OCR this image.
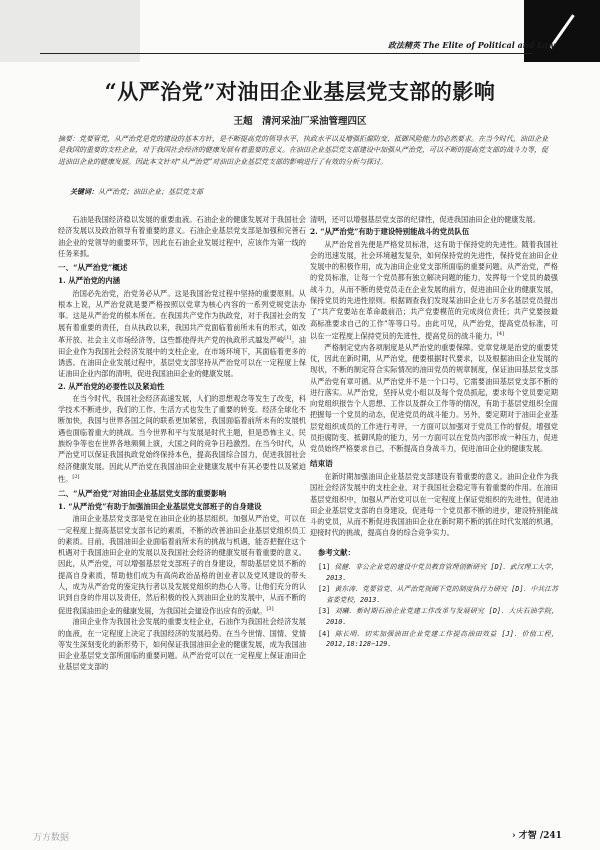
政法精英 The Elite of Political and Law
“从严治党”对油田企业基层党支部的影响
王超　清河采油厂采油管理四区
摘要：党要管党，从严治党是党的建设的基本方针，是不断提高党的领导水平、执政水平以及增强拒腐防变、抵御风险能力的必然要求。在当今时代，油田企业是我国的重要的支柱企业，对于我国社会经济的健康发展有着重要的意义。在油田企业基层党支部建设中加强从严治党，可以不断的提高党支部的战斗力等，促进油田企业的健康发展。因此本文针对“从严治党”对油田企业基层党支部的影响进行了有效的分析与探讨。
关键词：从严治党；油田企业；基层党支部

石油是我国经济稳以发展的重要血液。石油企业的健康发展对于我国社会经济发展以及政治领导有着重要的意义。石油企业基层党支部是加强和完善石油企业的党领导的重要环节，因此在石油企业发展过程中，应该作为第一线的任务来抓。

一、“从严治党”概述
1. 从严治党的内涵

治国必先治党，治党务必从严。这是我国治党过程中坚持的重要原则。从根本上说，从严治党就是要严格按照以党章为核心内容的一系列党规党法办事。这是从严治党的根本所在。在我国共产党作为执政党，对于我国社会的发展有着重要的责任，自从执政以来，我国共产党面临着前所未有的形式，如改革开放、社会主义市场经济等，这些都使得共产党的执政形式越发严峻[1]。油田企业作为我国社会经济发展中的支柱企业，在市场环境下，其面临着更多的诱惑。在油田企业发展过程中，基层党支部坚持从严治党可以在一定程度上保证油田企业内部的清明，促进我国油田企业的健康发展。

2. 从严治党的必要性以及紧迫性

在当今时代，我国社会经济高速发展，人们的思想观念等发生了改变，科学技术不断进步，我们的工作、生活方式也发生了重要的转变。经济全球化不断加快，我国与世界各国之间的联系更加紧密，我国面临着前所未有的发展机遇也面临着重大的挑战。当今世界和平与发展是时代主题，但是恐怖主义、民族纷争等也在世界各地频频上演，大国之间的竞争日趋激烈。在当今时代，从严治党可以保证我国执政党始终保持本色，提高我国综合国力，促进我国社会经济健康发展。因此从严治党在我国油田企业健康发展中有其必要性以及紧迫性。[2]

二、“从严治党”对油田企业基层党支部的重要影响
1. “从严治党”有助于加强油田企业基层党支部班子的自身建设

油田企业基层党支部是党在油田企业的基层组织。加强从严治党，可以在一定程度上提高基层党支部书记的素质，不断的改善油田企业基层党组织员工的素质。目前，我国油田企业面临着前所未有的挑战与机遇，能否把握住这个机遇对于我国油田企业的发展以及我国社会经济的健康发展有着重要的意义。因此，从严治党，可以增强基层党支部班子的自身建设，帮助基层党员不断的提高自身素质，帮助他们成为有高尚政治品格的创业者以及党风建设的带头人，成为从严治党的鉴定执行者以及发展党组织的热心人等。让他们充分的认识到自身的作用以及责任，然后积极的投入到油田企业的发展中，从而不断的促进我国油田企业的健康发展，为我国社会建设作出应有的贡献。[3]

油田企业作为我国社会发展的重要支柱企业，石油作为我国社会经济发展的血液，在一定程度上决定了我国经济的发展趋势。在当今世情、国情、党情等发生深刻变化的新形势下，如何保证我国油田企业的健康发展，成为我国油田企业基层党支部所面临的重要问题。从严治党可以在一定程度上保证油田企业基层党支部的

清明，还可以增强基层党支部的纪律性，促进我国油田企业的健康发展。

2. “从严治党”有助于建设特别能战斗的党员队伍

从严治党首先便是严格党员标准，这有助于保持党的先进性。随着我国社会的迅速发展，社会环境越发复杂，如何保持党的先进性，保持党在油田企业发展中的积极作用，成为油田企业党支部所面临的重要问题。从严治党，严格的党员标准，让每一个党员都有独立解决问题的能力，发挥每一个党员的最强战斗力，从而不断的使党员走在企业发展的前方，促进油田企业的健康发展，保持党员的先进性原则。根据调查我们发现某油田企业七万多名基层党员提出了“共产党要站在革命最前沿；共产党要模范的完成岗位责任；共产党要按最高标准要求自己的工作”等等口号。由此可见，从严治党，提高党员标准，可以在一定程度上保持党员的先进性，提高党员的战斗能力。[4]

严格制定党内各项制度是从严治党的重要保障。党章党规是治党的重要凭仗，因此在新时期，从严治党，便要根据时代要求，以及根据油田企业发展的现状，不断的制定符合实际情况的油田党员的规章制度，保证油田基层党支部从严治党有章可循。从严治党并不是一个口号，它需要油田基层党支部不断的进行落实。从严治党，坚持从党小组以及每个党员抓起，要求每个党员要定期向党组织报告个人思想、工作以及群众工作等的情况，有助于基层党组织全面把握每一个党员的动态，促进党员的战斗能力。另外，要定期对于油田企业基层党组织成员的工作进行考评，一方面可以加强对于党员工作的督促，增强党员拒腐防变、抵御风险的能力，另一方面可以在党员内部形成一种压力，促进党员始终严格要求自己，不断提高自身战斗力，促进油田企业的健康发展。

结束语

在新时期加强油田企业基层党支部建设有着重要的意义。油田企业作为我国社会经济发展中的支柱企业，对于我国社会稳定等有着重要的作用。在油田基层党组织中，加强从严治党可以在一定程度上保证党组织的先进性，促进油田企业基层党支部的自身建设，促进每一个党员都不断的进步，建设特别能战斗的党员，从而不断促进我国油田企业在新时期不断的抓住时代发展的机遇，迎接时代的挑战，提高自身的综合竞争实力。

参考文献：
[1] 侯健．非公企业党的建设中党员教育管理创新研究 [D]．武汉理工大学，2013.
[2] 黄东涛．党要管党、从严治党视阈下党的制度执行力研究 [D]．中共江苏省委党校，2013.
[3] 刘曦．新时期石油企业党建工作改革与发展研究 [D]．大庆石油学院，2010.
[4] 陈长明．切实加强油田企业党建工作提高油田效益 [J]．价值工程，2012,18:128−129.
万方数据	› 才智 /241
